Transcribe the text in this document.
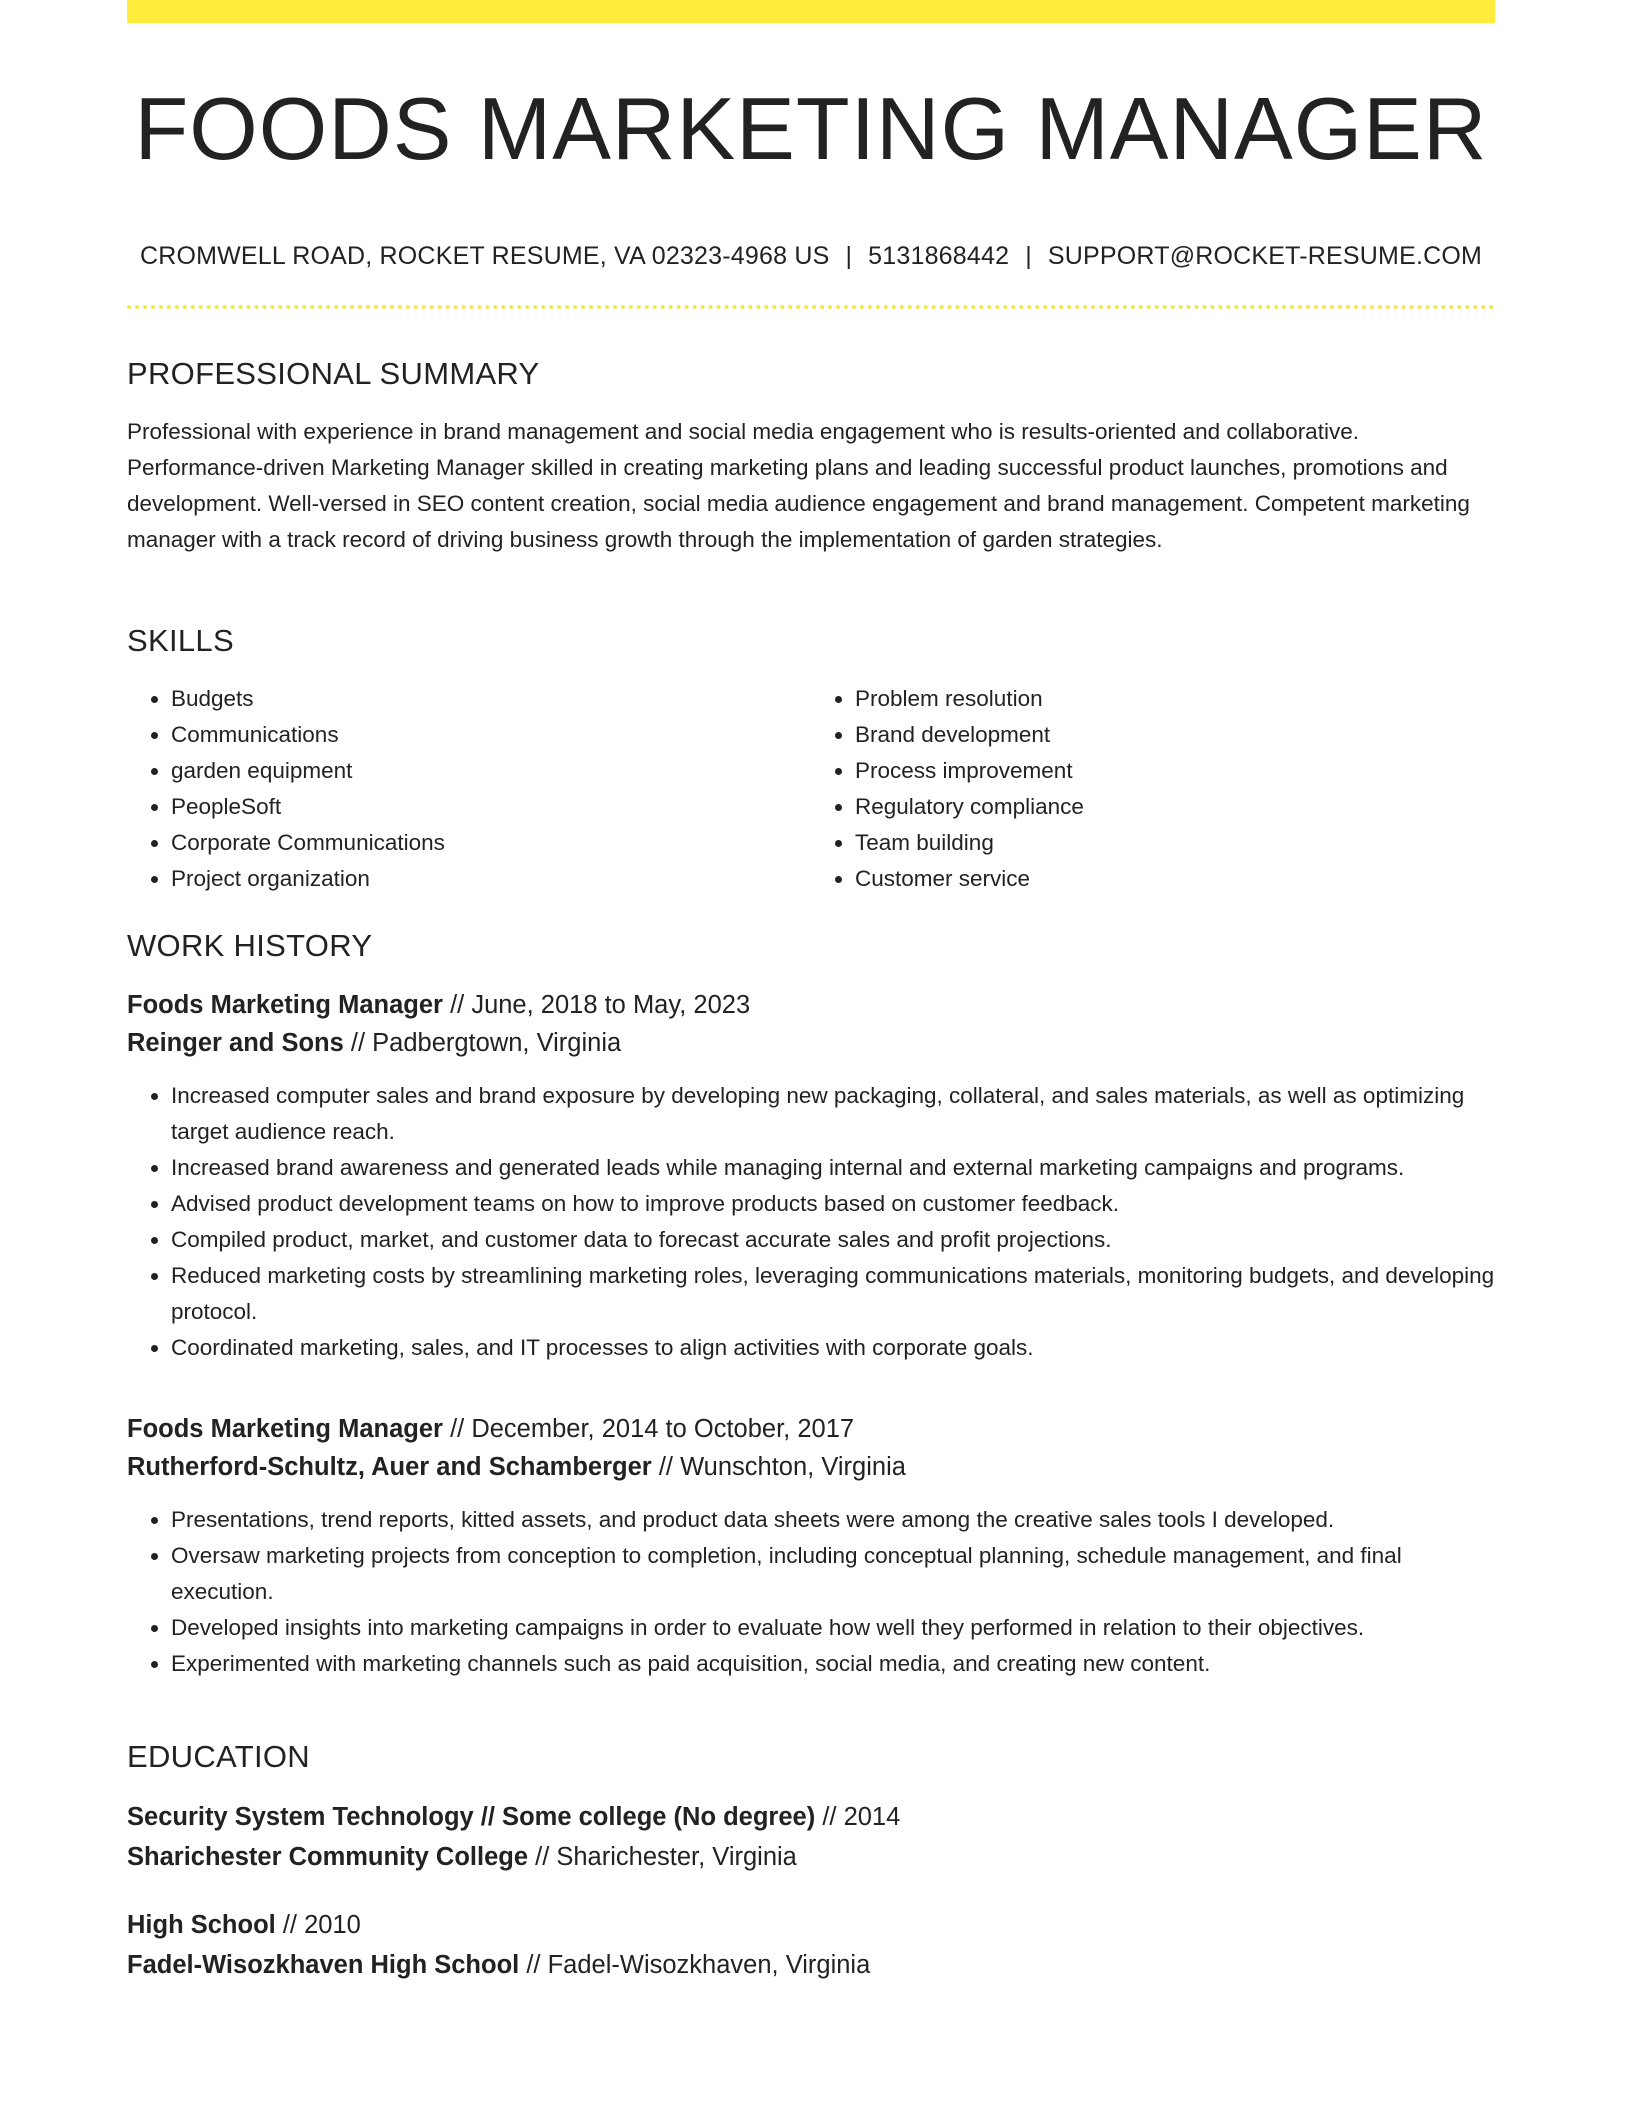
FOODS MARKETING MANAGER
CROMWELL ROAD, ROCKET RESUME, VA 02323-4968 US | 5131868442 | SUPPORT@ROCKET-RESUME.COM
PROFESSIONAL SUMMARY

Professional with experience in brand management and social media engagement who is results-oriented and collaborative. Performance-driven Marketing Manager skilled in creating marketing plans and leading successful product launches, promotions and development. Well-versed in SEO content creation, social media audience engagement and brand management. Competent marketing manager with a track record of driving business growth through the implementation of garden strategies.

SKILLS
• Budgets
• Communications
• garden equipment
• PeopleSoft
• Corporate Communications
• Project organization
• Problem resolution
• Brand development
• Process improvement
• Regulatory compliance
• Team building
• Customer service
WORK HISTORY
Foods Marketing Manager // June, 2018 to May, 2023
Reinger and Sons // Padbergtown, Virginia
• Increased computer sales and brand exposure by developing new packaging, collateral, and sales materials, as well as optimizing target audience reach.
• Increased brand awareness and generated leads while managing internal and external marketing campaigns and programs.
• Advised product development teams on how to improve products based on customer feedback.
• Compiled product, market, and customer data to forecast accurate sales and profit projections.
• Reduced marketing costs by streamlining marketing roles, leveraging communications materials, monitoring budgets, and developing protocol.
• Coordinated marketing, sales, and IT processes to align activities with corporate goals.
Foods Marketing Manager // December, 2014 to October, 2017
Rutherford-Schultz, Auer and Schamberger // Wunschton, Virginia
• Presentations, trend reports, kitted assets, and product data sheets were among the creative sales tools I developed.
• Oversaw marketing projects from conception to completion, including conceptual planning, schedule management, and final execution.
• Developed insights into marketing campaigns in order to evaluate how well they performed in relation to their objectives.
• Experimented with marketing channels such as paid acquisition, social media, and creating new content.
EDUCATION
Security System Technology // Some college (No degree) // 2014
Sharichester Community College // Sharichester, Virginia
High School // 2010
Fadel-Wisozkhaven High School // Fadel-Wisozkhaven, Virginia
